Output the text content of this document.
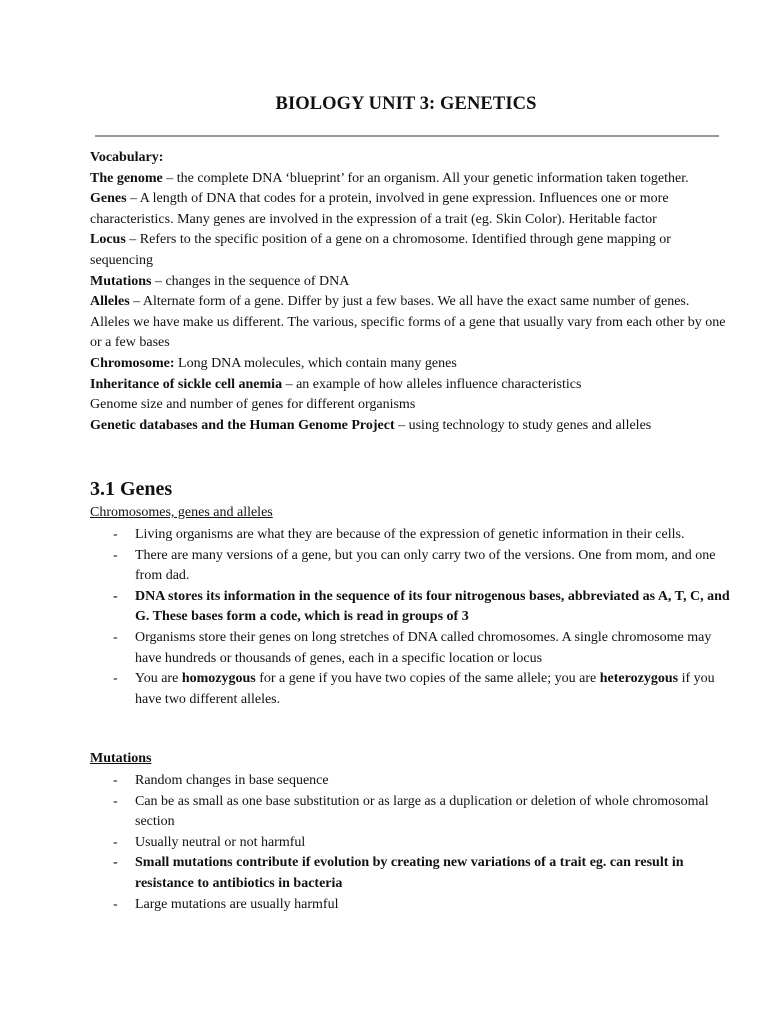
BIOLOGY UNIT 3: GENETICS

Vocabulary:

The genome – the complete DNA ‘blueprint’ for an organism. All your genetic information taken together.

Genes – A length of DNA that codes for a protein, involved in gene expression. Influences one or more characteristics. Many genes are involved in the expression of a trait (eg. Skin Color). Heritable factor

Locus – Refers to the specific position of a gene on a chromosome. Identified through gene mapping or sequencing

Mutations – changes in the sequence of DNA

Alleles – Alternate form of a gene. Differ by just a few bases. We all have the exact same number of genes. Alleles we have make us different. The various, specific forms of a gene that usually vary from each other by one or a few bases

Chromosome: Long DNA molecules, which contain many genes

Inheritance of sickle cell anemia – an example of how alleles influence characteristics

Genome size and number of genes for different organisms

Genetic databases and the Human Genome Project – using technology to study genes and alleles

3.1 Genes
Chromosomes, genes and alleles
- Living organisms are what they are because of the expression of genetic information in their cells.
- There are many versions of a gene, but you can only carry two of the versions. One from mom, and one from dad.
- DNA stores its information in the sequence of its four nitrogenous bases, abbreviated as A, T, C, and G. These bases form a code, which is read in groups of 3
- Organisms store their genes on long stretches of DNA called chromosomes. A single chromosome may have hundreds or thousands of genes, each in a specific location or locus
- You are homozygous for a gene if you have two copies of the same allele; you are heterozygous if you have two different alleles.
Mutations
- Random changes in base sequence
- Can be as small as one base substitution or as large as a duplication or deletion of whole chromosomal section
- Usually neutral or not harmful
- Small mutations contribute if evolution by creating new variations of a trait eg. can result in resistance to antibiotics in bacteria
- Large mutations are usually harmful
